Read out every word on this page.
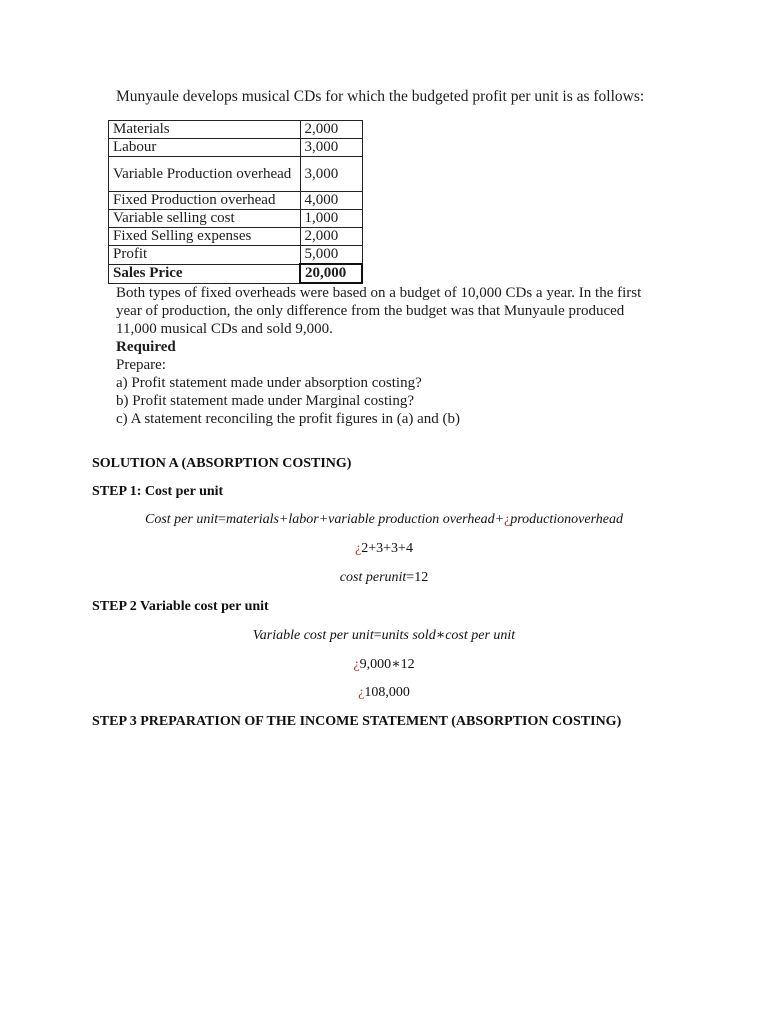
Munyaule develops musical CDs for which the budgeted profit per unit is as follows:

Materials	2,000
Labour	3,000
Variable Production overhead	3,000
Fixed Production overhead	4,000
Variable selling cost	1,000
Fixed Selling expenses	2,000
Profit	5,000
Sales Price	20,000

Both types of fixed overheads were based on a budget of 10,000 CDs a year. In the first year of production, the only difference from the budget was that Munyaule produced 11,000 musical CDs and sold 9,000.

Required

Prepare:

a) Profit statement made under absorption costing?

b) Profit statement made under Marginal costing?

c) A statement reconciling the profit figures in (a) and (b)

SOLUTION A (ABSORPTION COSTING)

STEP 1: Cost per unit

Cost per unit=materials+labor+variable production overhead+¿productionoverhead

¿2+3+3+4

cost perunit=12

STEP 2 Variable cost per unit

Variable cost per unit=units sold∗cost per unit

¿9,000∗12

¿108,000

STEP 3 PREPARATION OF THE INCOME STATEMENT (ABSORPTION COSTING)
